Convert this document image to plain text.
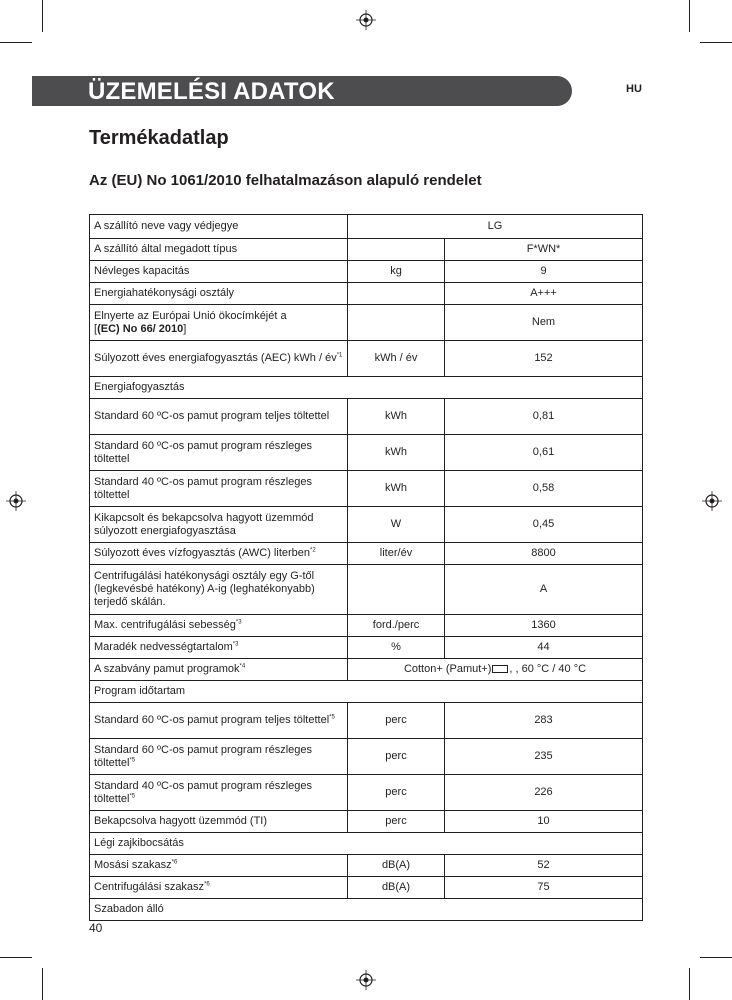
ÜZEMELÉSI ADATOK	HU
Termékadatlap
Az (EU) No 1061/2010 felhatalmazáson alapuló rendelet
A szállító neve vagy védjegye	LG	
A szállító által megadott típus		F*WN*
Névleges kapacitás	kg	9
Energiahatékonysági osztály		A+++
Elnyerte az Európai Unió ökocímkéjét a
[(EC) No 66/ 2010]		Nem
Súlyozott éves energiafogyasztás (AEC) kWh / $év^{*1}$	kWh / év	152
Energiafogyasztás		
Standard 60 ºC-os pamut program teljes töltettel	kWh	0,81
Standard 60 ºC-os pamut program részleges töltettel	kWh	0,61
Standard 40 ºC-os pamut program részleges töltettel	kWh	0,58
Kikapcsolt és bekapcsolva hagyott üzemmód súlyozott energiafogyasztása	W	0,45
Súlyozott éves vízfogyasztás (AWC) literben$^{*2}$	liter/év	8800
Centrifugálási hatékonysági osztály egy G-től (legkevésbé hatékony) A-ig (leghatékonyabb) terjedő skálán.		A
Max. centrifugálási sebesség$^{*3}$	ford./perc	1360
Maradék nedvességtartalom$^{*3}$	%	44
A szabvány pamut programok$^{*4}$	Cotton+ (Pamut+) , , 60 °C / 40 °C	
Program időtartam		
Standard 60 ºC-os pamut program teljes töltettel$^{*5}$	perc	283
Standard 60 ºC-os pamut program részleges töltettel$^{*5}$	perc	235
Standard 40 ºC-os pamut program részleges töltettel$^{*5}$	perc	226
Bekapcsolva hagyott üzemmód (TI)	perc	10
Légi zajkibocsátás		
Mosási szakasz$^{*6}$	dB(A)	52
Centrifugálási szakasz$^{*6}$	dB(A)	75
Szabadon álló		
40
